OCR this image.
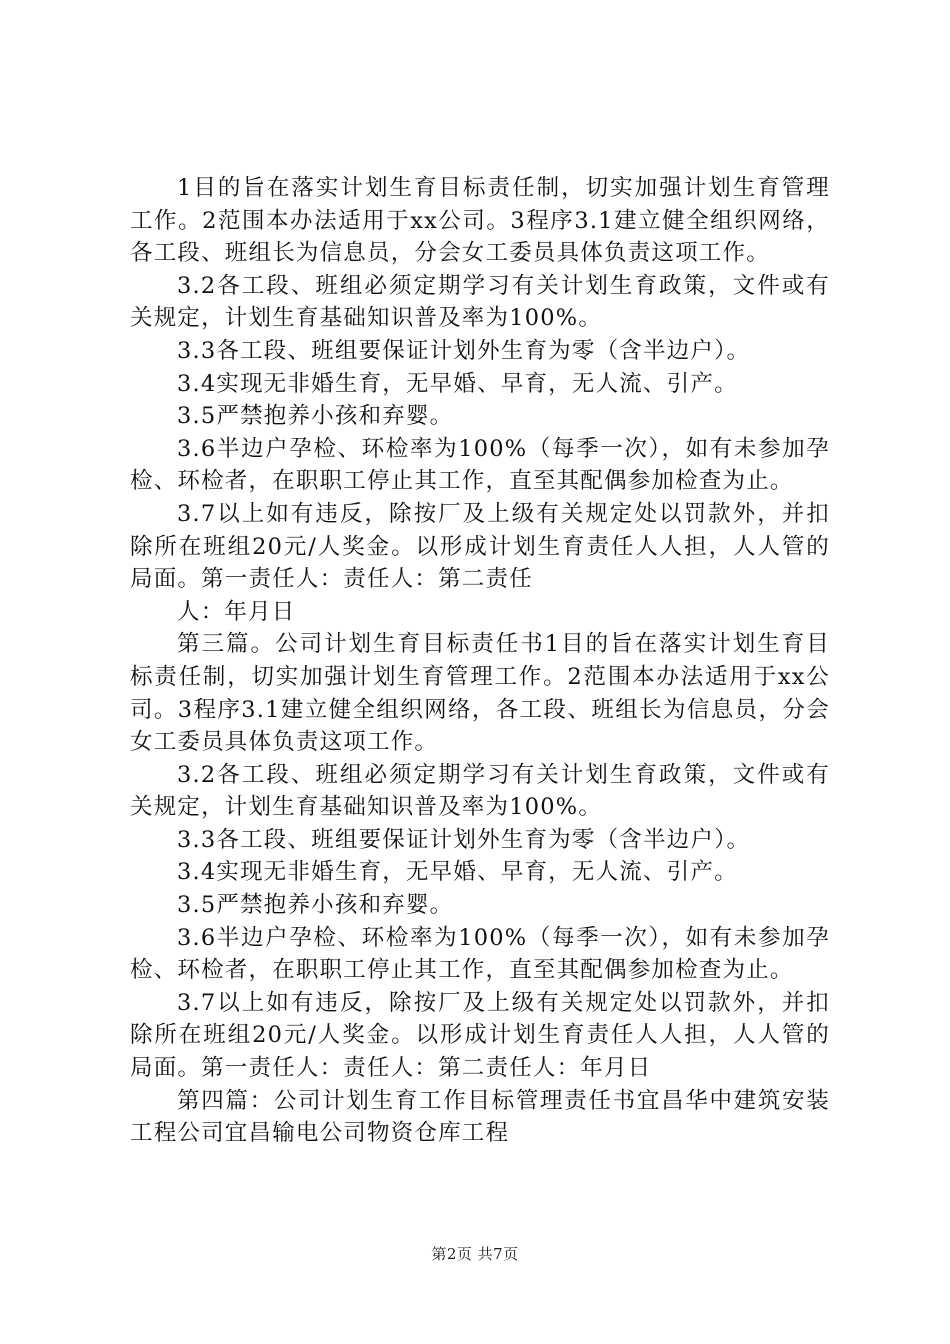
1目的旨在落实计划生育目标责任制，切实加强计划生育管理工作。2范围本办法适用于xx公司。3程序3.1建立健全组织网络，各工段、班组长为信息员，分会女工委员具体负责这项工作。

3.2各工段、班组必须定期学习有关计划生育政策，文件或有关规定，计划生育基础知识普及率为100%。

3.3各工段、班组要保证计划外生育为零（含半边户）。

3.4实现无非婚生育，无早婚、早育，无人流、引产。

3.5严禁抱养小孩和弃婴。

3.6半边户孕检、环检率为100%（每季一次），如有未参加孕检、环检者，在职职工停止其工作，直至其配偶参加检查为止。

3.7以上如有违反，除按厂及上级有关规定处以罚款外，并扣除所在班组20元/人奖金。以形成计划生育责任人人担，人人管的局面。第一责任人：责任人：第二责任

人：年月日

第三篇。公司计划生育目标责任书1目的旨在落实计划生育目标责任制，切实加强计划生育管理工作。2范围本办法适用于xx公司。3程序3.1建立健全组织网络，各工段、班组长为信息员，分会女工委员具体负责这项工作。

3.2各工段、班组必须定期学习有关计划生育政策，文件或有关规定，计划生育基础知识普及率为100%。

3.3各工段、班组要保证计划外生育为零（含半边户）。

3.4实现无非婚生育，无早婚、早育，无人流、引产。

3.5严禁抱养小孩和弃婴。

3.6半边户孕检、环检率为100%（每季一次），如有未参加孕检、环检者，在职职工停止其工作，直至其配偶参加检查为止。

3.7以上如有违反，除按厂及上级有关规定处以罚款外，并扣除所在班组20元/人奖金。以形成计划生育责任人人担，人人管的局面。第一责任人：责任人：第二责任人：年月日

第四篇：公司计划生育工作目标管理责任书宜昌华中建筑安装工程公司宜昌输电公司物资仓库工程

第2页 共7页
